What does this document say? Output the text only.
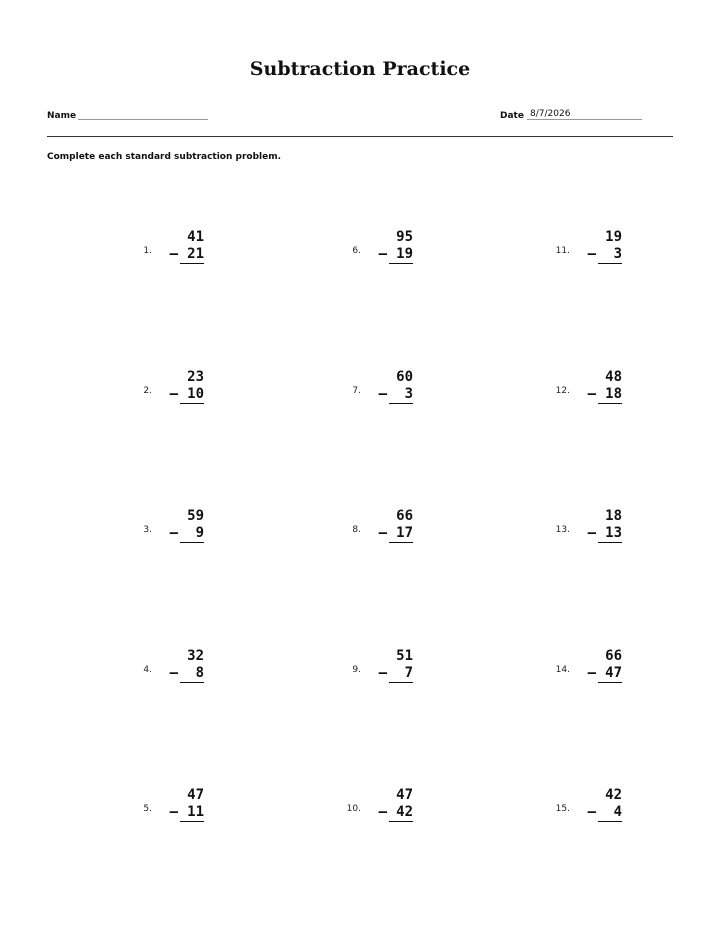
Subtraction Practice
Name	Date 8/7/2026
Complete each standard subtraction problem.
1.
41
– 21
2.
23
– 10
3.
59
–	9
4.
32
–	8
5.
47
– 11
6.
95
– 19
7.
60
–	3
8.
66
– 17
9.
51
–	7
10.
47
– 42
11.
19
–	3
12.
48
– 18
13.
18
– 13
14.
66
– 47
15.
42
–	4
